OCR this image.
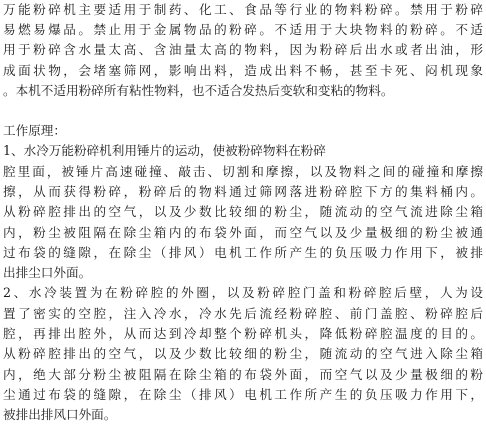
万能粉碎机主要适用于制药、化工、食品等行业的物料粉碎。禁用于粉碎
易燃易爆品。禁止用于金属物品的粉碎。不适用于大块物料的粉碎。不适
用于粉碎含水量太高、含油量太高的物料，因为粉碎后出水或者出油，形
成面状物，会堵塞筛网，影响出料，造成出料不畅，甚至卡死、闷机现象
。本机不适用粉碎所有粘性物料，也不适合发热后变软和变粘的物料。
工作原理：
1、水冷万能粉碎机利用锤片的运动，使被粉碎物料在粉碎
腔里面，被锤片高速碰撞、敲击、切割和摩擦，以及物料之间的碰撞和摩擦
擦，从而获得粉碎，粉碎后的物料通过筛网落进粉碎腔下方的集料桶内。
从粉碎腔排出的空气，以及少数比较细的粉尘，随流动的空气流进除尘箱
内，粉尘被阻隔在除尘箱内的布袋外面，而空气以及少量极细的粉尘被通
过布袋的缝隙，在除尘（排风）电机工作所产生的负压吸力作用下，被排
出排尘口外面。
2、水冷装置为在粉碎腔的外圈，以及粉碎腔门盖和粉碎腔后壁，人为设
置了密实的空腔，注入冷水，冷水先后流经粉碎腔、前门盖腔、粉碎腔后
腔，再排出腔外，从而达到冷却整个粉碎机头，降低粉碎腔温度的目的。
从粉碎腔排出的空气，以及少数比较细的粉尘，随流动的空气进入除尘箱
内，绝大部分粉尘被阻隔在除尘箱的布袋外面，而空气以及少量极细的粉
尘通过布袋的缝隙，在除尘（排风）电机工作所产生的负压吸力作用下，
被排出排风口外面。
